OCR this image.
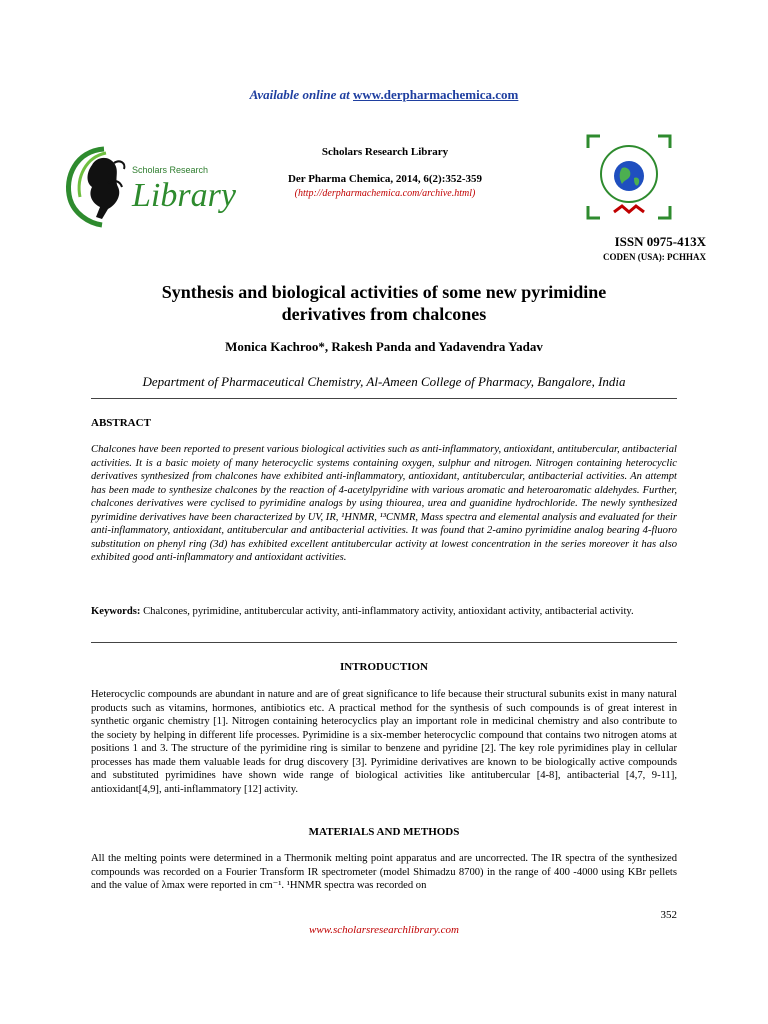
Available online at www.derpharmachemica.com
Scholars Research
Library
Scholars Research Library
Der Pharma Chemica, 2014, 6(2):352-359
(http://derpharmachemica.com/archive.html)
ISSN 0975-413X
CODEN (USA): PCHHAX
Synthesis and biological activities of some new pyrimidine
derivatives from chalcones
Monica Kachroo*, Rakesh Panda and Yadavendra Yadav
Department of Pharmaceutical Chemistry, Al-Ameen College of Pharmacy, Bangalore, India
ABSTRACT
Chalcones have been reported to present various biological activities such as anti-inflammatory, antioxidant, antitubercular, antibacterial activities. It is a basic moiety of many heterocyclic systems containing oxygen, sulphur and nitrogen. Nitrogen containing heterocyclic derivatives synthesized from chalcones have exhibited anti-inflammatory, antioxidant, antitubercular, antibacterial activities. An attempt has been made to synthesize chalcones by the reaction of 4-acetylpyridine with various aromatic and heteroaromatic aldehydes. Further, chalcones derivatives were cyclised to pyrimidine analogs by using thiourea, urea and guanidine hydrochloride. The newly synthesized pyrimidine derivatives have been characterized by UV, IR, ¹HNMR, ¹³CNMR, Mass spectra and elemental analysis and evaluated for their anti-inflammatory, antioxidant, antitubercular and antibacterial activities. It was found that 2-amino pyrimidine analog bearing 4-fluoro substitution on phenyl ring (3d) has exhibited excellent antitubercular activity at lowest concentration in the series moreover it has also exhibited good anti-inflammatory and antioxidant activities.
Keywords: Chalcones, pyrimidine, antitubercular activity, anti-inflammatory activity, antioxidant activity, antibacterial activity.
INTRODUCTION
Heterocyclic compounds are abundant in nature and are of great significance to life because their structural subunits exist in many natural products such as vitamins, hormones, antibiotics etc. A practical method for the synthesis of such compounds is of great interest in synthetic organic chemistry [1]. Nitrogen containing heterocyclics play an important role in medicinal chemistry and also contribute to the society by helping in different life processes. Pyrimidine is a six-member heterocyclic compound that contains two nitrogen atoms at positions 1 and 3. The structure of the pyrimidine ring is similar to benzene and pyridine [2]. The key role pyrimidines play in cellular processes has made them valuable leads for drug discovery [3]. Pyrimidine derivatives are known to be biologically active compounds and substituted pyrimidines have shown wide range of biological activities like antitubercular [4-8], antibacterial [4,7, 9-11], antioxidant[4,9], anti-inflammatory [12] activity.
MATERIALS AND METHODS
All the melting points were determined in a Thermonik melting point apparatus and are uncorrected. The IR spectra of the synthesized compounds was recorded on a Fourier Transform IR spectrometer (model Shimadzu 8700) in the range of 400 -4000 using KBr pellets and the value of λmax were reported in cm⁻¹. ¹HNMR spectra was recorded on
352
www.scholarsresearchlibrary.com
